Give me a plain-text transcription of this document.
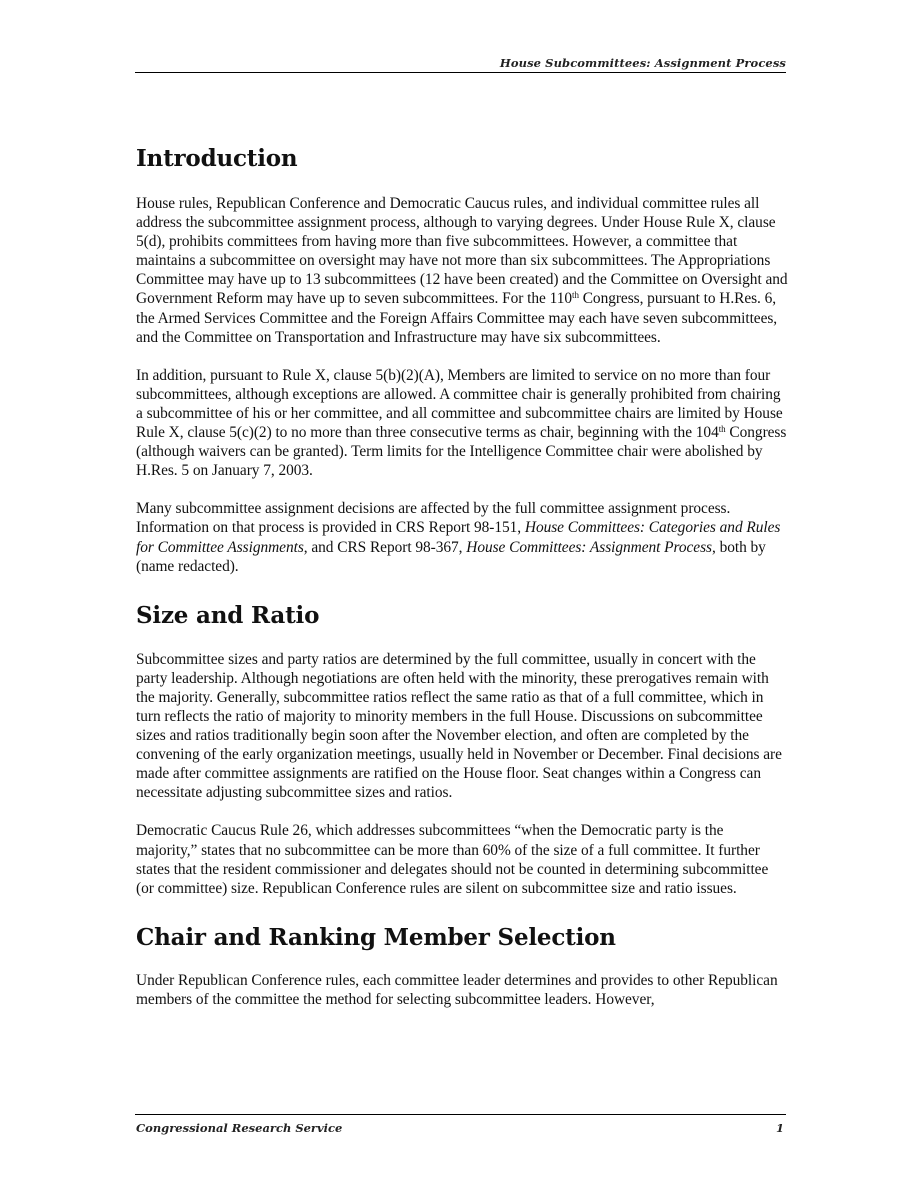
House Subcommittees: Assignment Process
Introduction

House rules, Republican Conference and Democratic Caucus rules, and individual committee rules all address the subcommittee assignment process, although to varying degrees. Under House Rule X, clause 5(d), prohibits committees from having more than five subcommittees. However, a committee that maintains a subcommittee on oversight may have not more than six subcommittees. The Appropriations Committee may have up to 13 subcommittees (12 have been created) and the Committee on Oversight and Government Reform may have up to seven subcommittees. For the 110th Congress, pursuant to H.Res. 6, the Armed Services Committee and the Foreign Affairs Committee may each have seven subcommittees, and the Committee on Transportation and Infrastructure may have six subcommittees.

In addition, pursuant to Rule X, clause 5(b)(2)(A), Members are limited to service on no more than four subcommittees, although exceptions are allowed. A committee chair is generally prohibited from chairing a subcommittee of his or her committee, and all committee and subcommittee chairs are limited by House Rule X, clause 5(c)(2) to no more than three consecutive terms as chair, beginning with the 104th Congress (although waivers can be granted). Term limits for the Intelligence Committee chair were abolished by H.Res. 5 on January 7, 2003.

Many subcommittee assignment decisions are affected by the full committee assignment process. Information on that process is provided in CRS Report 98-151, House Committees: Categories and Rules for Committee Assignments, and CRS Report 98-367, House Committees: Assignment Process, both by (name redacted).

Size and Ratio

Subcommittee sizes and party ratios are determined by the full committee, usually in concert with the party leadership. Although negotiations are often held with the minority, these prerogatives remain with the majority. Generally, subcommittee ratios reflect the same ratio as that of a full committee, which in turn reflects the ratio of majority to minority members in the full House. Discussions on subcommittee sizes and ratios traditionally begin soon after the November election, and often are completed by the convening of the early organization meetings, usually held in November or December. Final decisions are made after committee assignments are ratified on the House floor. Seat changes within a Congress can necessitate adjusting subcommittee sizes and ratios.

Democratic Caucus Rule 26, which addresses subcommittees “when the Democratic party is the majority,” states that no subcommittee can be more than 60% of the size of a full committee. It further states that the resident commissioner and delegates should not be counted in determining subcommittee (or committee) size. Republican Conference rules are silent on subcommittee size and ratio issues.

Chair and Ranking Member Selection

Under Republican Conference rules, each committee leader determines and provides to other Republican members of the committee the method for selecting subcommittee leaders. However,

Congressional Research Service	1
